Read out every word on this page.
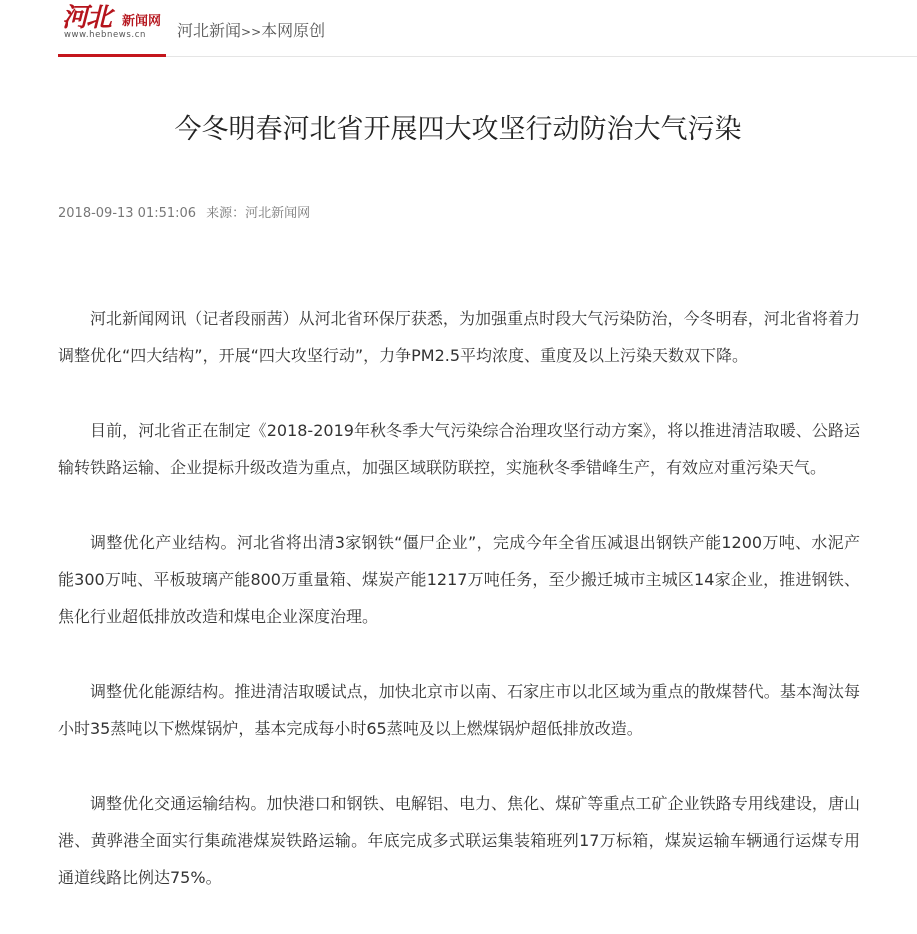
河北 新闻网
www.hebnews.cn 河北新闻>>本网原创
今冬明春河北省开展四大攻坚行动防治大气污染
2018-09-13 01:51:06 来源：河北新闻网

河北新闻网讯（记者段丽茜）从河北省环保厅获悉，为加强重点时段大气污染防治，今冬明春，河北省将着力调整优化“四大结构”，开展“四大攻坚行动”，力争PM2.5平均浓度、重度及以上污染天数双下降。

目前，河北省正在制定《2018-2019年秋冬季大气污染综合治理攻坚行动方案》，将以推进清洁取暖、公路运输转铁路运输、企业提标升级改造为重点，加强区域联防联控，实施秋冬季错峰生产，有效应对重污染天气。

调整优化产业结构。河北省将出清3家钢铁“僵尸企业”，完成今年全省压减退出钢铁产能1200万吨、水泥产能300万吨、平板玻璃产能800万重量箱、煤炭产能1217万吨任务，至少搬迁城市主城区14家企业，推进钢铁、焦化行业超低排放改造和煤电企业深度治理。

调整优化能源结构。推进清洁取暖试点，加快北京市以南、石家庄市以北区域为重点的散煤替代。基本淘汰每小时35蒸吨以下燃煤锅炉，基本完成每小时65蒸吨及以上燃煤锅炉超低排放改造。

调整优化交通运输结构。加快港口和钢铁、电解铝、电力、焦化、煤矿等重点工矿企业铁路专用线建设，唐山港、黄骅港全面实行集疏港煤炭铁路运输。年底完成多式联运集装箱班列17万标箱，煤炭运输车辆通行运煤专用通道线路比例达75%。
